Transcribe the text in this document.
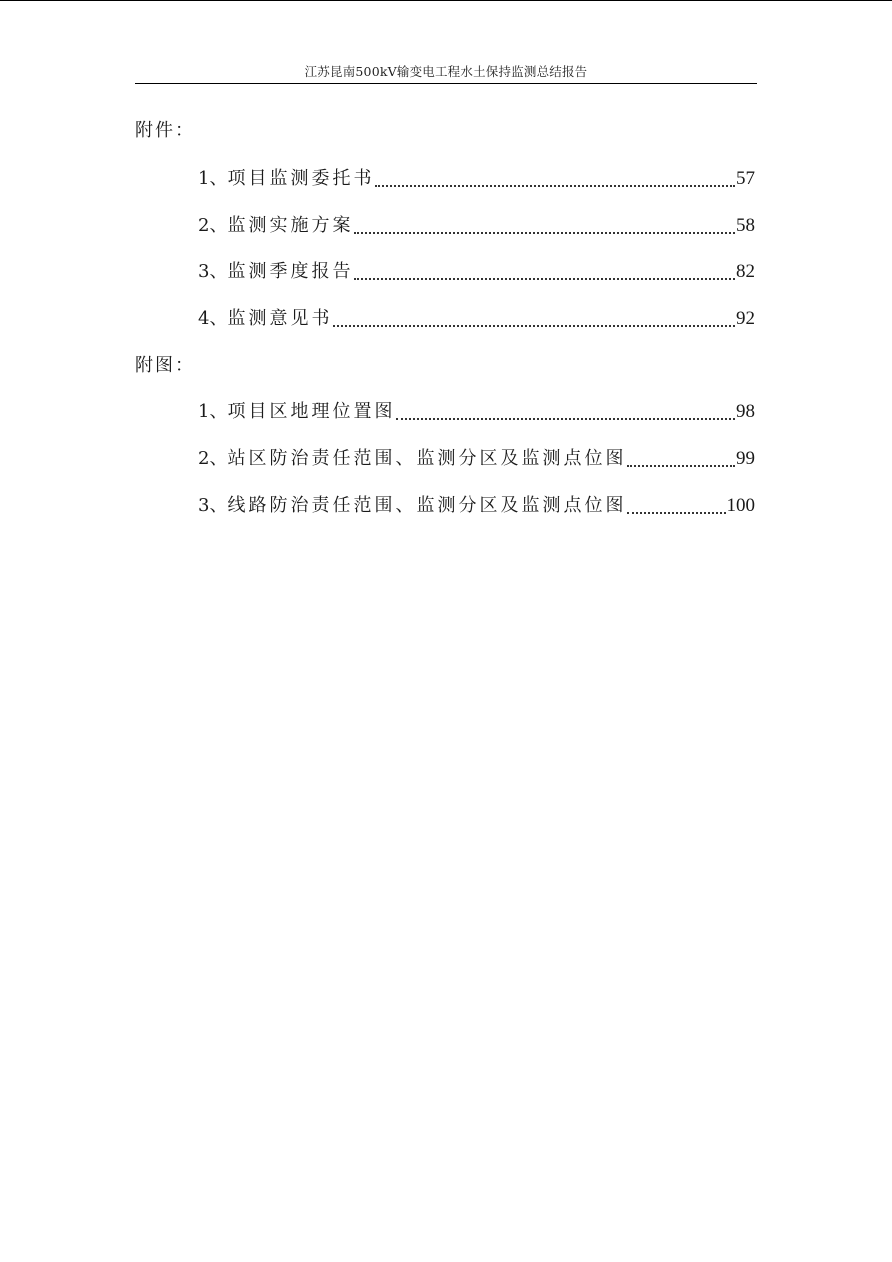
江苏昆南500kV输变电工程水土保持监测总结报告
附件：
1、 项目监测委托书	57
2、 监测实施方案	58
3、 监测季度报告	82
4、 监测意见书	92
附图：
1、 项目区地理位置图	98
2、 站区防治责任范围、监测分区及监测点位图	99
3、 线路防治责任范围、监测分区及监测点位图	100
